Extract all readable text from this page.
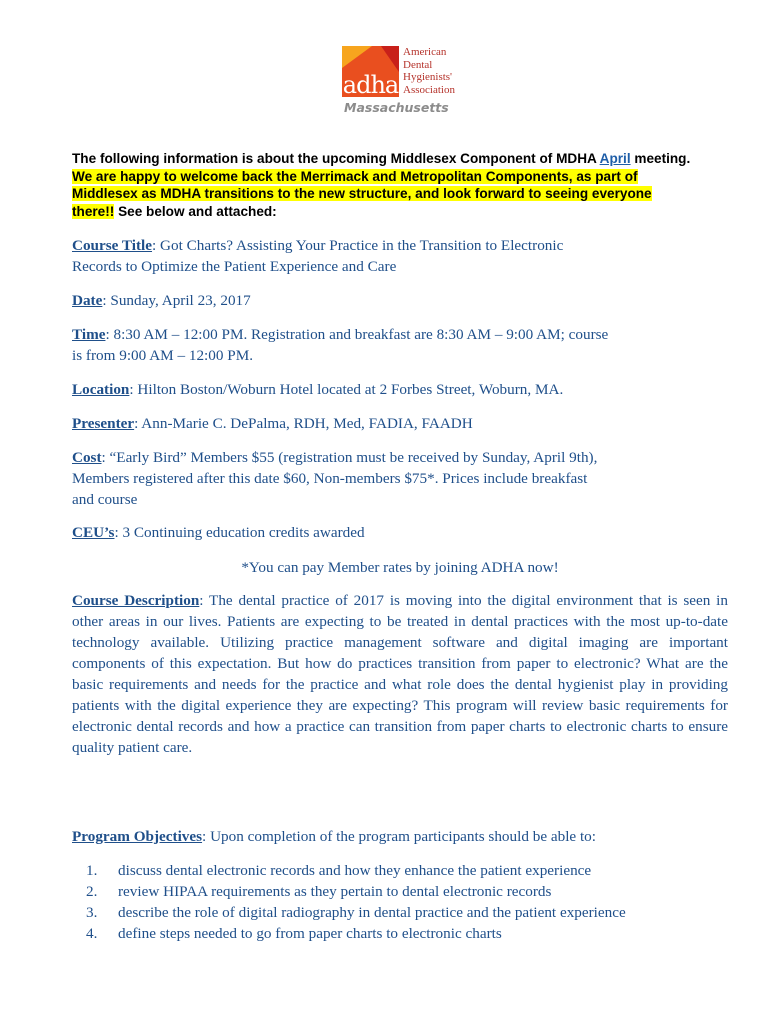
adha
American
Dental
Hygienists'
Association
Massachusetts
The following information is about the upcoming Middlesex Component of MDHA April meeting.
We are happy to welcome back the Merrimack and Metropolitan Components, as part of
Middlesex as MDHA transitions to the new structure, and look forward to seeing everyone
there!! See below and attached:
Course Title: Got Charts? Assisting Your Practice in the Transition to Electronic
Records to Optimize the Patient Experience and Care
Date: Sunday, April 23, 2017
Time: 8:30 AM – 12:00 PM. Registration and breakfast are 8:30 AM – 9:00 AM; course
is from 9:00 AM – 12:00 PM.
Location: Hilton Boston/Woburn Hotel located at 2 Forbes Street, Woburn, MA.
Presenter: Ann-Marie C. DePalma, RDH, Med, FADIA, FAADH
Cost: “Early Bird” Members $55 (registration must be received by Sunday, April 9th),
Members registered after this date $60, Non-members $75*. Prices include breakfast
and course
CEU’s: 3 Continuing education credits awarded
*You can pay Member rates by joining ADHA now!
Course Description: The dental practice of 2017 is moving into the digital environment that is seen in other areas in our lives. Patients are expecting to be treated in dental practices with the most up-to-date technology available. Utilizing practice management software and digital imaging are important components of this expectation. But how do practices transition from paper to electronic? What are the basic requirements and needs for the practice and what role does the dental hygienist play in providing patients with the digital experience they are expecting? This program will review basic requirements for electronic dental records and how a practice can transition from paper charts to electronic charts to ensure quality patient care.
Program Objectives: Upon completion of the program participants should be able to:
1. discuss dental electronic records and how they enhance the patient experience
2. review HIPAA requirements as they pertain to dental electronic records
3. describe the role of digital radiography in dental practice and the patient experience
4. define steps needed to go from paper charts to electronic charts
